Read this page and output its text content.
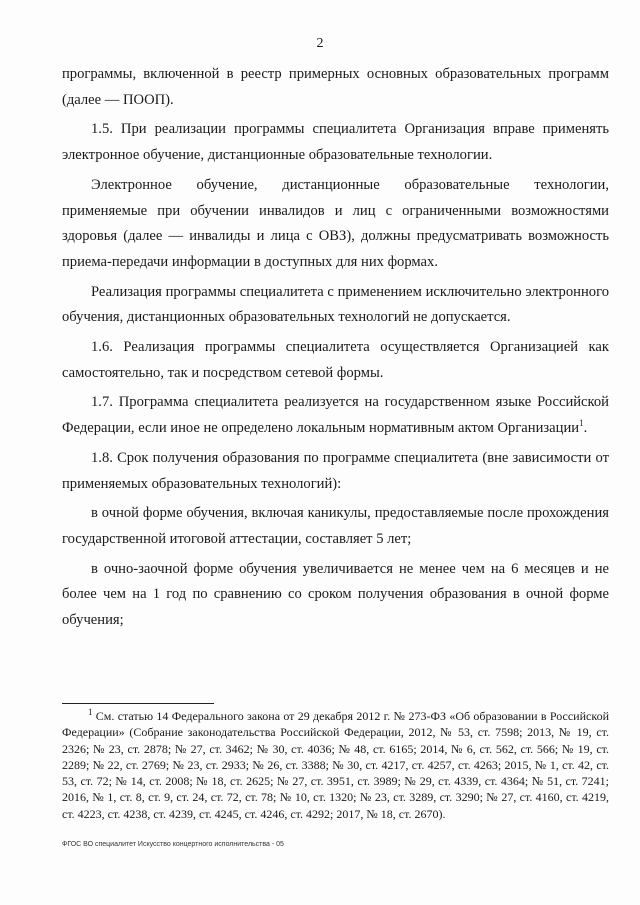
2

программы, включенной в реестр примерных основных образовательных программ (далее — ПООП).

1.5. При реализации программы специалитета Организация вправе применять электронное обучение, дистанционные образовательные технологии.

Электронное обучение, дистанционные образовательные технологии, применяемые при обучении инвалидов и лиц с ограниченными возможностями здоровья (далее — инвалиды и лица с ОВЗ), должны предусматривать возможность приема-передачи информации в доступных для них формах.

Реализация программы специалитета с применением исключительно электронного обучения, дистанционных образовательных технологий не допускается.

1.6. Реализация программы специалитета осуществляется Организацией как самостоятельно, так и посредством сетевой формы.

1.7. Программа специалитета реализуется на государственном языке Российской Федерации, если иное не определено локальным нормативным актом Организации$^1$.

1.8. Срок получения образования по программе специалитета (вне зависимости от применяемых образовательных технологий):

в очной форме обучения, включая каникулы, предоставляемые после прохождения государственной итоговой аттестации, составляет 5 лет;

в очно-заочной форме обучения увеличивается не менее чем на 6 месяцев и не более чем на 1 год по сравнению со сроком получения образования в очной форме обучения;

$^1$ См. статью 14 Федерального закона от 29 декабря 2012 г. № 273-ФЗ «Об образовании в Российской Федерации» (Собрание законодательства Российской Федерации, 2012, № 53, ст. 7598; 2013, № 19, ст. 2326; № 23, ст. 2878; № 27, ст. 3462; № 30, ст. 4036; № 48, ст. 6165; 2014, № 6, ст. 562, ст. 566; № 19, ст. 2289; № 22, ст. 2769; № 23, ст. 2933; № 26, ст. 3388; № 30, ст. 4217, ст. 4257, ст. 4263; 2015, № 1, ст. 42, ст. 53, ст. 72; № 14, ст. 2008; № 18, ст. 2625; № 27, ст. 3951, ст. 3989; № 29, ст. 4339, ст. 4364; № 51, ст. 7241; 2016, № 1, ст. 8, ст. 9, ст. 24, ст. 72, ст. 78; № 10, ст. 1320; № 23, ст. 3289, ст. 3290; № 27, ст. 4160, ст. 4219, ст. 4223, ст. 4238, ст. 4239, ст. 4245, ст. 4246, ст. 4292; 2017, № 18, ст. 2670).
ФГОС ВО специалитет Искусство концертного исполнительства - 05
